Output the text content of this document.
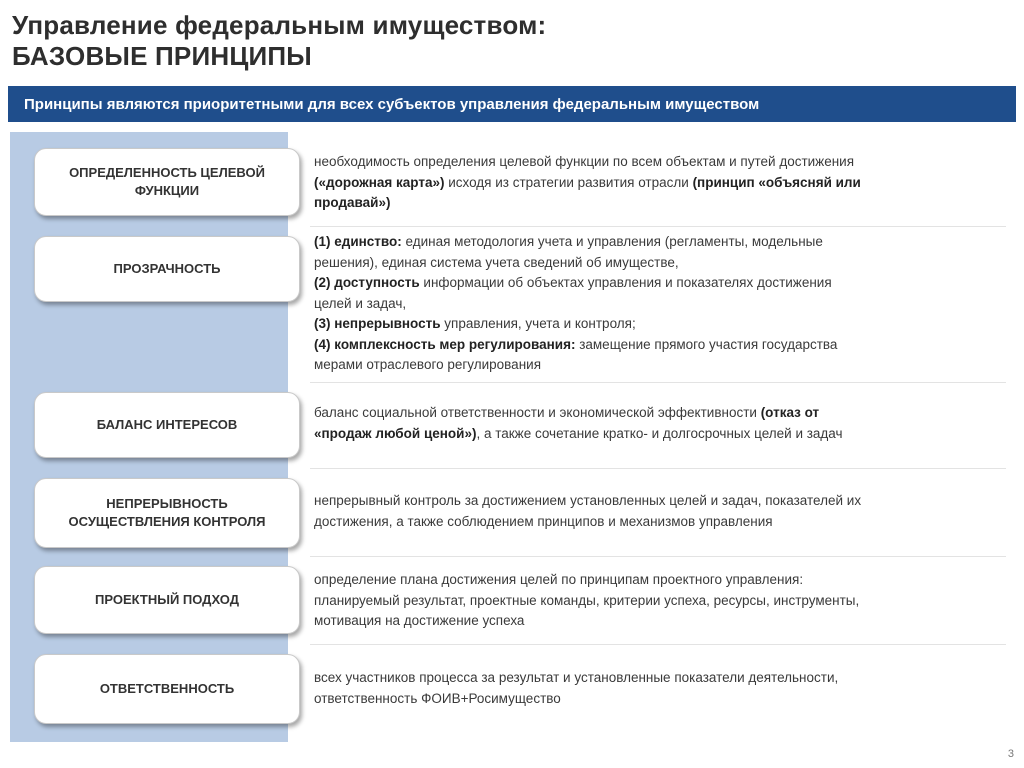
Управление федеральным имуществом:
БАЗОВЫЕ ПРИНЦИПЫ
Принципы являются приоритетными для всех субъектов управления федеральным имуществом
ОПРЕДЕЛЕННОСТЬ ЦЕЛЕВОЙ ФУНКЦИИ
необходимость определения целевой функции по всем объектам и путей достижения
(«дорожная карта») исходя из стратегии развития отрасли (принцип «объясняй или
продавай»)
ПРОЗРАЧНОСТЬ
(1) единство: единая методология учета и управления (регламенты, модельные
решения), единая система учета сведений об имуществе,
(2) доступность информации об объектах управления и показателях достижения
целей и задач,
(3) непрерывность управления, учета и контроля;
(4) комплексность мер регулирования: замещение прямого участия государства
мерами отраслевого регулирования
БАЛАНС ИНТЕРЕСОВ
баланс социальной ответственности и экономической эффективности (отказ от
«продаж любой ценой»), а также сочетание кратко- и долгосрочных целей и задач
НЕПРЕРЫВНОСТЬ ОСУЩЕСТВЛЕНИЯ КОНТРОЛЯ
непрерывный контроль за достижением установленных целей и задач, показателей их
достижения, а также соблюдением принципов и механизмов управления
ПРОЕКТНЫЙ ПОДХОД
определение плана достижения целей по принципам проектного управления:
планируемый результат, проектные команды, критерии успеха, ресурсы, инструменты,
мотивация на достижение успеха
ОТВЕТСТВЕННОСТЬ
всех участников процесса за результат и установленные показатели деятельности,
ответственность ФОИВ+Росимущество
3
